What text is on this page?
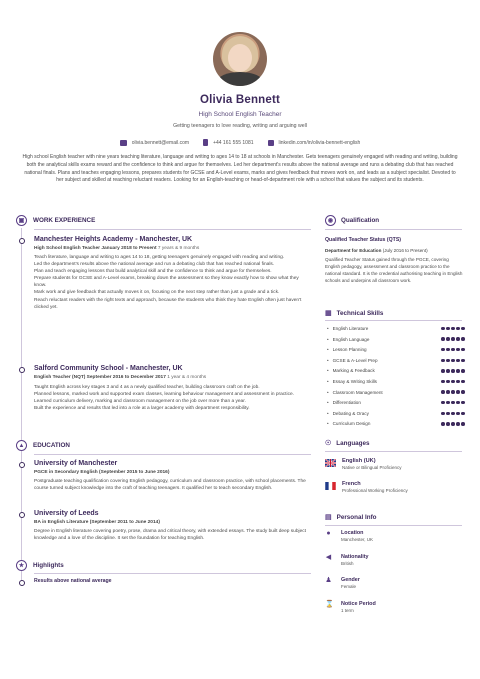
Olivia Bennett
High School English Teacher
Getting teenagers to love reading, writing and arguing well
olivia.bennett@email.com	+44 161 555 1081	linkedin.com/in/olivia-bennett-english
High school English teacher with nine years teaching literature, language and writing to ages 14 to 18 at schools in Manchester. Gets teenagers genuinely engaged with reading and writing, building both the analytical skills exams reward and the confidence to think and argue for themselves. Led her department's results above the national average and runs a debating club that has reached national finals. Plans and teaches engaging lessons, prepares students for GCSE and A-Level exams, marks and gives feedback that moves work on, and leads as a subject specialist. Devoted to her subject and skilled at reaching reluctant readers. Looking for an English-teaching or head-of-department role with a school that values the subject and its students.
▣	WORK EXPERIENCE
Manchester Heights Academy - Manchester, UK
High School English Teacher January 2018 to Present 7 years & 9 months
Teach literature, language and writing to ages 14 to 18, getting teenagers genuinely engaged with reading and writing.
Led the department's results above the national average and run a debating club that has reached national finals.
Plan and teach engaging lessons that build analytical skill and the confidence to think and argue for themselves.
Prepare students for GCSE and A-Level exams, breaking down the assessment so they know exactly how to show what they know.
Mark work and give feedback that actually moves it on, focusing on the next step rather than just a grade and a tick.
Reach reluctant readers with the right texts and approach, because the students who think they hate English often just haven't clicked yet.
Salford Community School - Manchester, UK
English Teacher (NQT) September 2016 to December 2017 1 year & 4 months
Taught English across key stages 3 and 4 as a newly qualified teacher, building classroom craft on the job.
Planned lessons, marked work and supported exam classes, learning behaviour management and assessment in practice.
Learned curriculum delivery, marking and classroom management on the job over more than a year.
Built the experience and results that led into a role at a larger academy with department responsibility.
▲	EDUCATION
University of Manchester
PGCE in Secondary English (September 2015 to June 2016)
Postgraduate teaching qualification covering English pedagogy, curriculum and classroom practice, with school placements. The course turned subject knowledge into the craft of teaching teenagers. It qualified her to teach secondary English.
University of Leeds
BA in English Literature (September 2011 to June 2014)
Degree in English literature covering poetry, prose, drama and critical theory, with extended essays. The study built deep subject knowledge and a love of the discipline. It set the foundation for teaching English.
★	Highlights
Results above national average
◉	Qualification
Qualified Teacher Status (QTS)
Department for Education (July 2016 to Present)
Qualified Teacher Status gained through the PGCE, covering English pedagogy, assessment and classroom practice to the national standard. It is the credential authorising teaching in English schools and underpins all classroom work.
▦ Technical Skills
• English Literature
• English Language
• Lesson Planning
• GCSE & A-Level Prep
• Marking & Feedback
• Essay & Writing Skills
• Classroom Management
• Differentiation
• Debating & Oracy
• Curriculum Design
☉ Languages
English (UK)
Native or Bilingual Proficiency
French
Professional Working Proficiency
▤ Personal Info
● Location
Manchester, UK
◀ Nationality
British
♟ Gender
Female
⌛ Notice Period
1 term
